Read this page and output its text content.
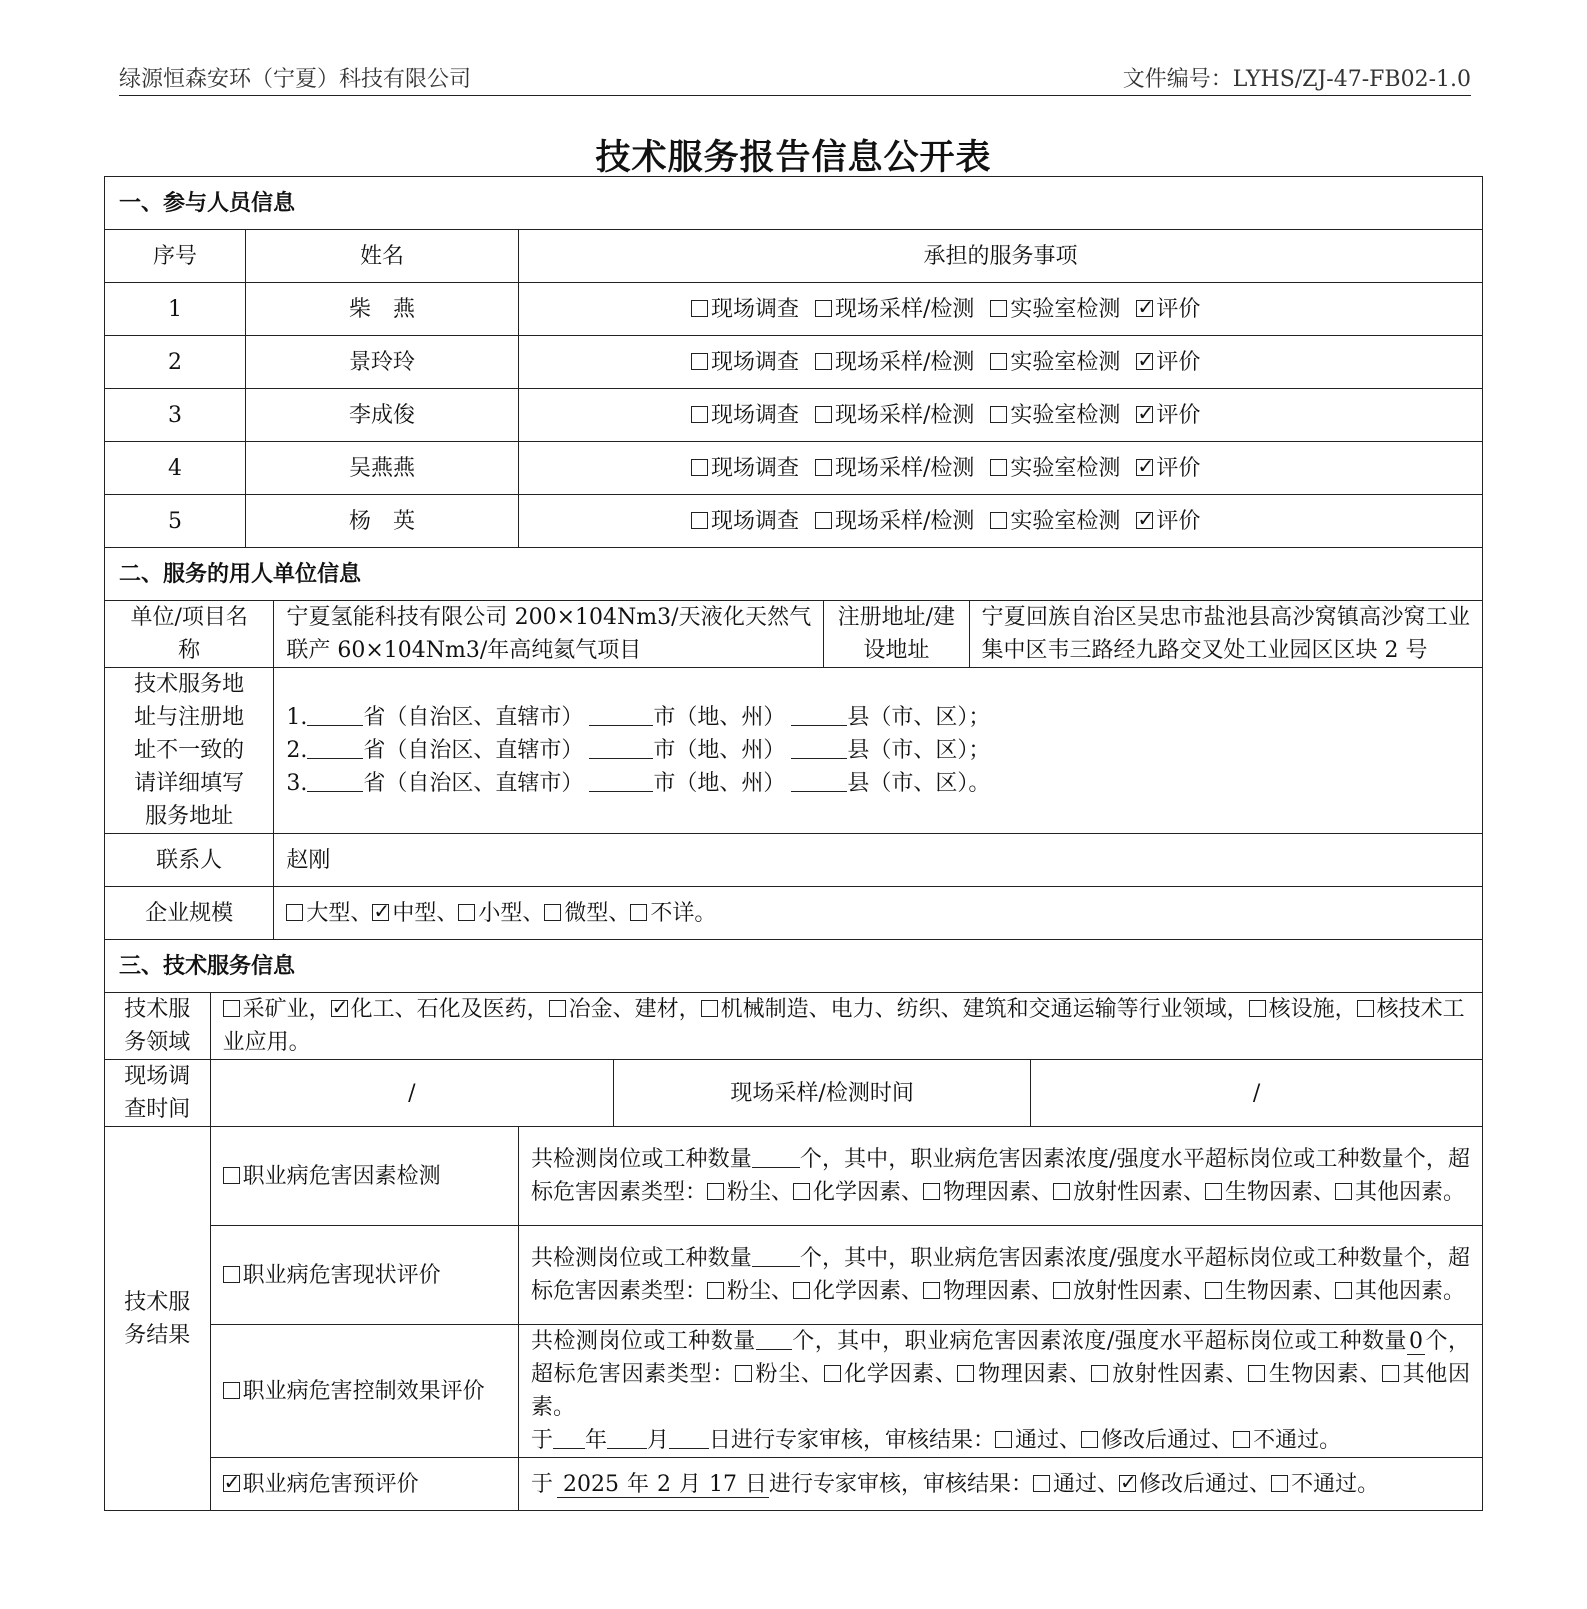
绿源恒森安环（宁夏）科技有限公司	文件编号：LYHS/ZJ-47-FB02-1.0
技术服务报告信息公开表
一、参与人员信息								
序号		姓名		承担的服务事项				
1		柴　燕		现场调查 现场采样/检测 实验室检测 ✓ 评价
2		景玲玲		现场调查 现场采样/检测 实验室检测 ✓ 评价
3		李成俊		现场调查 现场采样/检测 实验室检测 ✓ 评价
4		吴燕燕		现场调查 现场采样/检测 实验室检测 ✓ 评价
5		杨　英		现场调查 现场采样/检测 实验室检测 ✓ 评价
二、服务的用人单位信息								
单位/项目名称			宁夏氢能科技有限公司 200×104Nm3/天液化天然气联产 60×104Nm3/年高纯氦气项目			注册地址/建设地址	宁夏回族自治区吴忠市盐池县高沙窝镇高沙窝工业集中区韦三路经九路交叉处工业园区区块 2 号	
技术服务地址与注册地址不一致的请详细填写服务地址			1. 省（自治区、直辖市） 市（地、州） 县（市、区）；
2. 省（自治区、直辖市） 市（地、州） 县（市、区）；
3. 省（自治区、直辖市） 市（地、州） 县（市、区）。					

联系人			赵刚					
企业规模			大型、 ✓ 中型、 小型、 微型、 不详。
三、技术服务信息								
技术服务领域	采矿业， ✓ 化工、石化及医药， 冶金、建材， 机械制造、电力、纺织、建筑和交通运输等行业领域， 核设施， 核技术工业应用。
现场调查时间	/				现场采样/检测时间			/
技术服务结果	职业病危害因素检测			共检测岗位或工种数量 个，其中，职业病危害因素浓度/强度水平超标岗位或工种数量个，超标危害因素类型： 粉尘、 化学因素、 物理因素、 放射性因素、 生物因素、 其他因素。				
	职业病危害现状评价			共检测岗位或工种数量 个，其中，职业病危害因素浓度/强度水平超标岗位或工种数量个，超标危害因素类型： 粉尘、 化学因素、 物理因素、 放射性因素、 生物因素、 其他因素。				
	职业病危害控制效果评价			共检测岗位或工种数量 个，其中，职业病危害因素浓度/强度水平超标岗位或工种数量0个，超标危害因素类型： 粉尘、 化学因素、 物理因素、 放射性因素、 生物因素、 其他因素。
于 年 月 日进行专家审核，审核结果： 通过、 修改后通过、 不通过。				

✓职业病危害预评价			于 2025 年 2 月 17 日进行专家审核，审核结果： 通过、 ✓ 修改后通过、 不通过。
